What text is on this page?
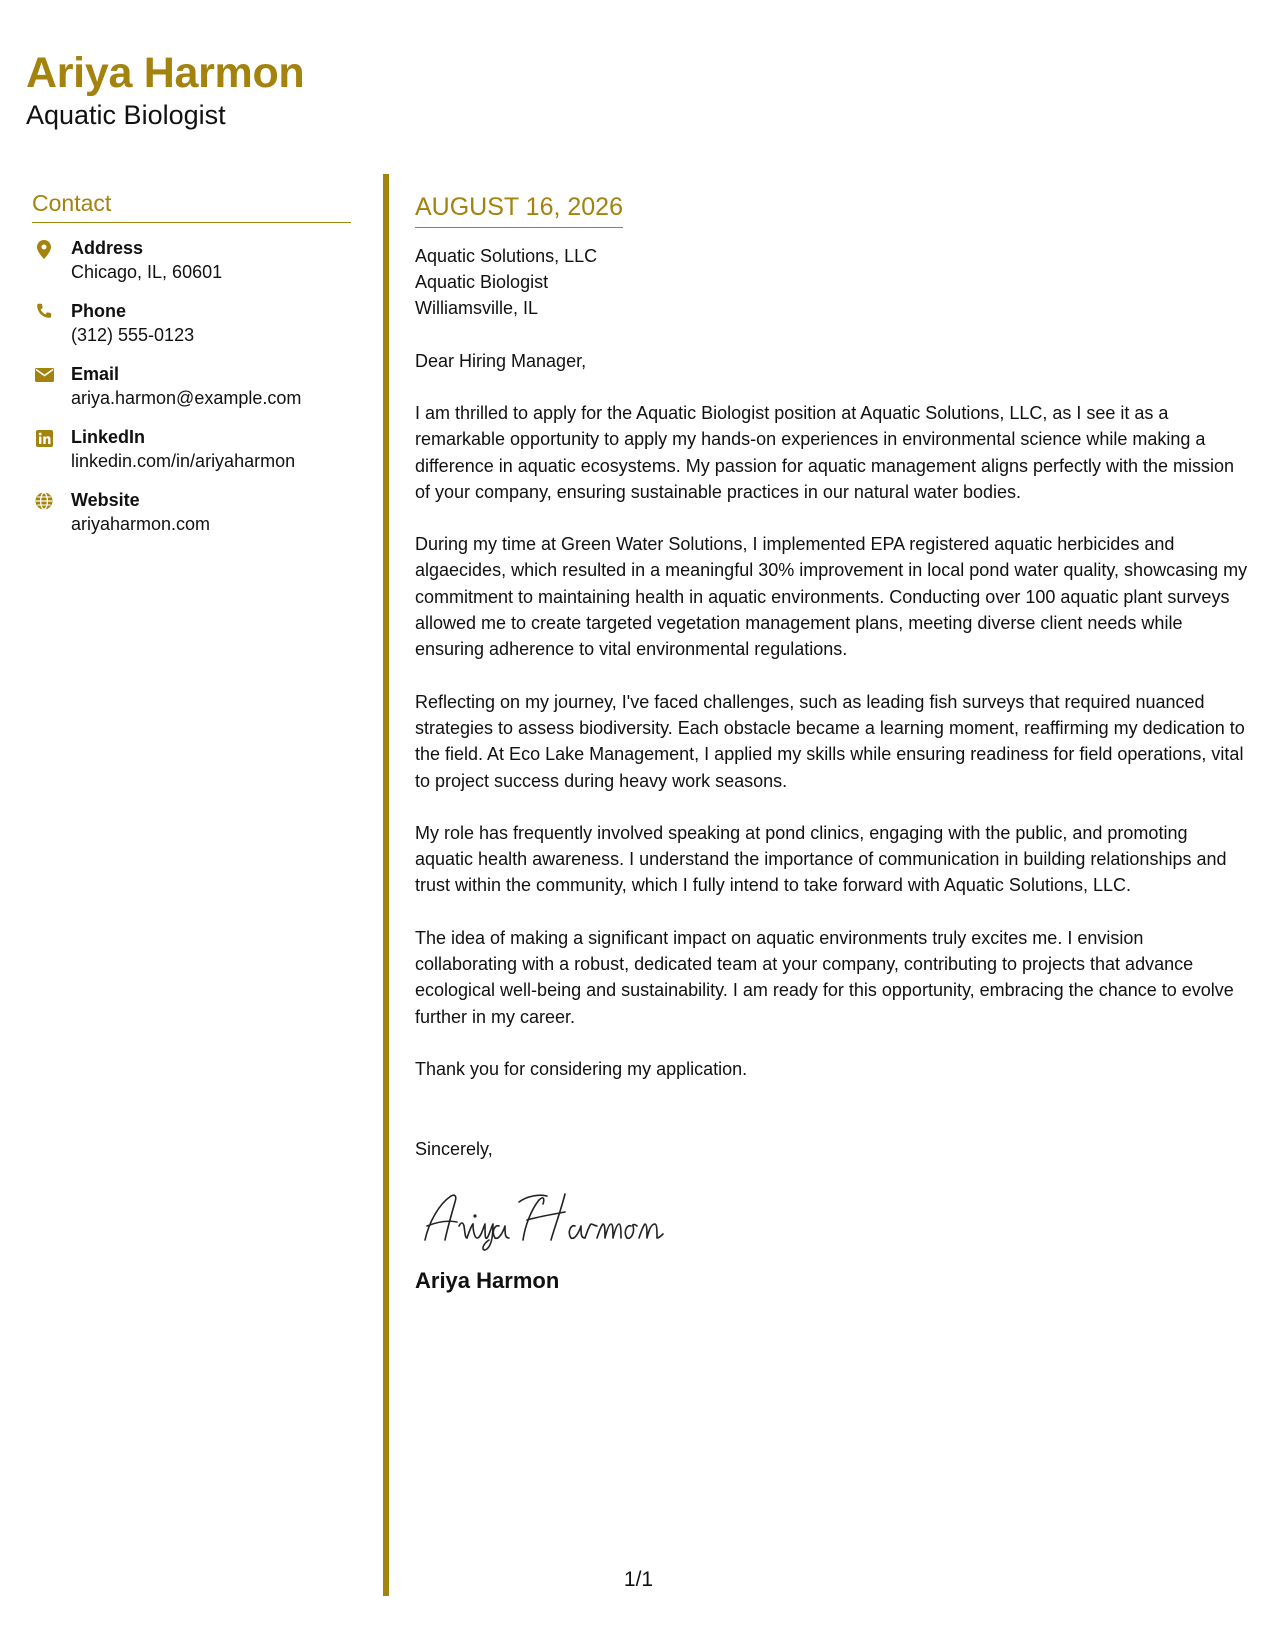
Ariya Harmon
Aquatic Biologist
Contact
Address
Chicago, IL, 60601
Phone
(312) 555-0123
Email
ariya.harmon@example.com
LinkedIn
linkedin.com/in/ariyaharmon
Website
ariyaharmon.com
AUGUST 16, 2026
Aquatic Solutions, LLC
Aquatic Biologist
Williamsville, IL
Dear Hiring Manager,

I am thrilled to apply for the Aquatic Biologist position at Aquatic Solutions, LLC, as I see it as a remarkable opportunity to apply my hands-on experiences in environmental science while making a difference in aquatic ecosystems. My passion for aquatic management aligns perfectly with the mission of your company, ensuring sustainable practices in our natural water bodies.

During my time at Green Water Solutions, I implemented EPA registered aquatic herbicides and algaecides, which resulted in a meaningful 30% improvement in local pond water quality, showcasing my commitment to maintaining health in aquatic environments. Conducting over 100 aquatic plant surveys allowed me to create targeted vegetation management plans, meeting diverse client needs while ensuring adherence to vital environmental regulations.

Reflecting on my journey, I've faced challenges, such as leading fish surveys that required nuanced strategies to assess biodiversity. Each obstacle became a learning moment, reaffirming my dedication to the field. At Eco Lake Management, I applied my skills while ensuring readiness for field operations, vital to project success during heavy work seasons.

My role has frequently involved speaking at pond clinics, engaging with the public, and promoting aquatic health awareness. I understand the importance of communication in building relationships and trust within the community, which I fully intend to take forward with Aquatic Solutions, LLC.

The idea of making a significant impact on aquatic environments truly excites me. I envision collaborating with a robust, dedicated team at your company, contributing to projects that advance ecological well-being and sustainability. I am ready for this opportunity, embracing the chance to evolve further in my career.

Thank you for considering my application.

Sincerely,
Ariya Harmon
1/1
